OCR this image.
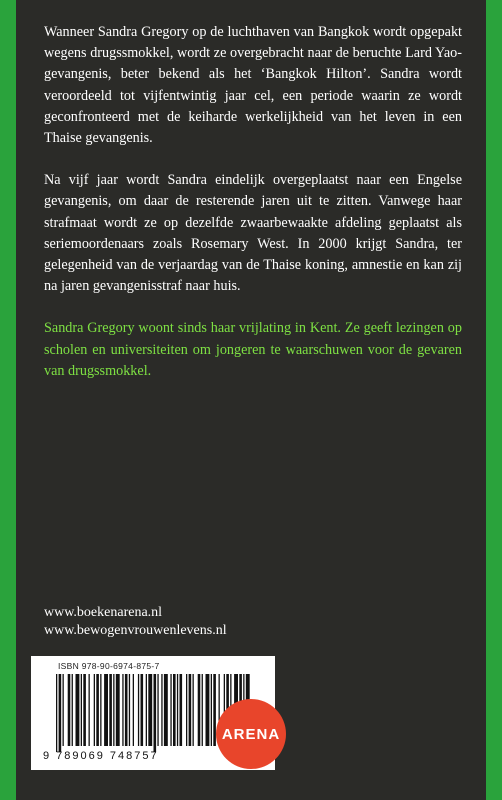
Wanneer Sandra Gregory op de luchthaven van Bangkok wordt opgepakt wegens drugssmokkel, wordt ze overgebracht naar de beruchte Lard Yao-gevangenis, beter bekend als het ‘Bangkok Hilton’. Sandra wordt veroordeeld tot vijfentwintig jaar cel, een periode waarin ze wordt geconfronteerd met de keiharde werkelijkheid van het leven in een Thaise gevangenis.

Na vijf jaar wordt Sandra eindelijk overgeplaatst naar een Engelse gevangenis, om daar de resterende jaren uit te zitten. Vanwege haar strafmaat wordt ze op dezelfde zwaarbewaakte afdeling geplaatst als seriemoordenaars zoals Rosemary West. In 2000 krijgt Sandra, ter gelegenheid van de verjaardag van de Thaise koning, amnestie en kan zij na jaren gevangenisstraf naar huis.

Sandra Gregory woont sinds haar vrijlating in Kent. Ze geeft lezingen op scholen en universiteiten om jongeren te waarschuwen voor de gevaren van drugssmokkel.

www.boekenarena.nl
www.bewogenvrouwenlevens.nl
ISBN 978-90-6974-875-7
9 789069 748757
ARENA
